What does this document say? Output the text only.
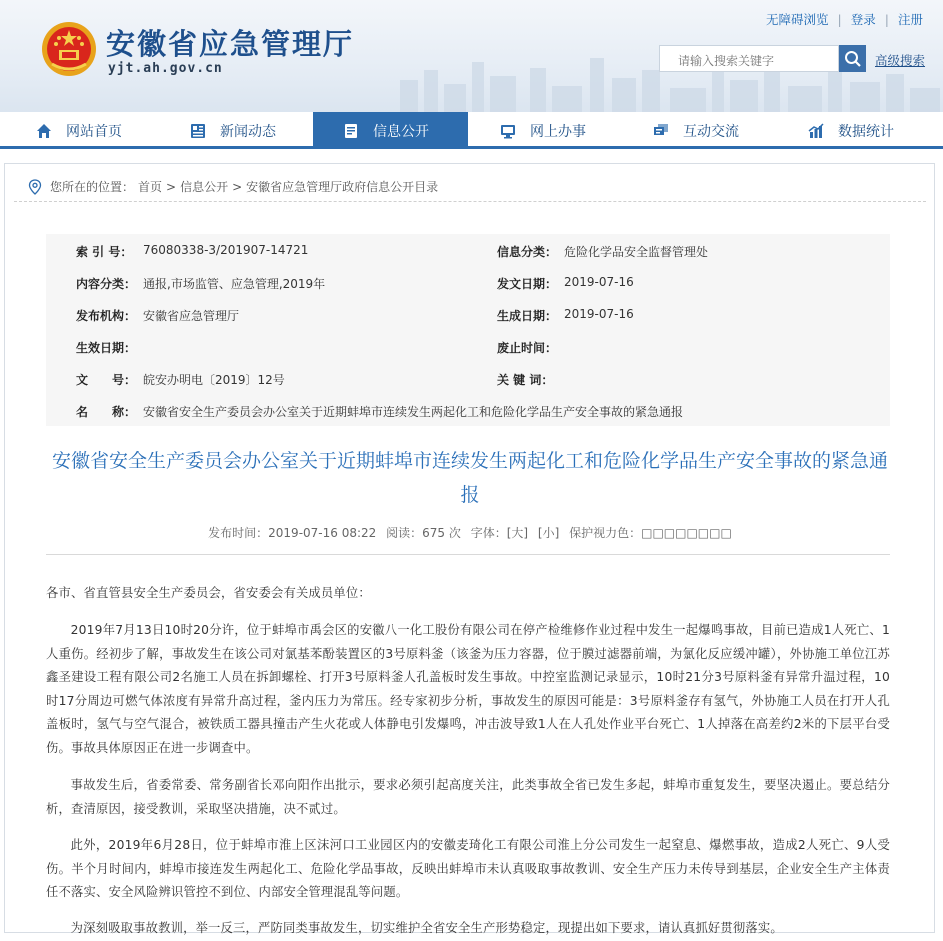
安徽省应急管理厅
yjt.ah.gov.cn
无障碍浏览 | 登录 | 注册
请输入搜索关键字	高级搜索
网站首页	新闻动态	信息公开	网上办事	互动交流	数据统计
您所在的位置： 首页 > 信息公开 > 安徽省应急管理厅政府信息公开目录
索 引 号： 76080338-3/201907-14721	信息分类： 危险化学品安全监督管理处
内容分类： 通报,市场监管、应急管理,2019年	发文日期： 2019-07-16
发布机构： 安徽省应急管理厅	生成日期： 2019-07-16
生效日期：	废止时间：
文　　号： 皖安办明电〔2019〕12号	关 键 词：
名　　称： 安徽省安全生产委员会办公室关于近期蚌埠市连续发生两起化工和危险化学品生产安全事故的紧急通报
安徽省安全生产委员会办公室关于近期蚌埠市连续发生两起化工和危险化学品生产安全事故的紧急通报
发布时间：2019-07-16 08:22 阅读：675 次 字体：[大] [小] 保护视力色：□□□□□□□□
各市、省直管县安全生产委员会，省安委会有关成员单位：
2019年7月13日10时20分许，位于蚌埠市禹会区的安徽八一化工股份有限公司在停产检维修作业过程中发生一起爆鸣事故，目前已造成1人死亡、1人重伤。经初步了解，事故发生在该公司对氯基苯酚装置区的3号原料釜（该釜为压力容器，位于膜过滤器前端，为氯化反应缓冲罐），外协施工单位江苏鑫圣建设工程有限公司2名施工人员在拆卸螺栓、打开3号原料釜人孔盖板时发生事故。中控室监测记录显示，10时21分3号原料釜有异常升温过程，10时17分周边可燃气体浓度有异常升高过程，釜内压力为常压。经专家初步分析，事故发生的原因可能是：3号原料釜存有氢气，外协施工人员在打开人孔盖板时，氢气与空气混合，被铁质工器具撞击产生火花或人体静电引发爆鸣，冲击波导致1人在人孔处作业平台死亡、1人掉落在高差约2米的下层平台受伤。事故具体原因正在进一步调查中。
事故发生后，省委常委、常务副省长邓向阳作出批示，要求必须引起高度关注，此类事故全省已发生多起，蚌埠市重复发生，要坚决遏止。要总结分析，查清原因，接受教训，采取坚决措施，决不贰过。
此外，2019年6月28日，位于蚌埠市淮上区沫河口工业园区内的安徽麦琦化工有限公司淮上分公司发生一起窒息、爆燃事故，造成2人死亡、9人受伤。半个月时间内，蚌埠市接连发生两起化工、危险化学品事故，反映出蚌埠市未认真吸取事故教训、安全生产压力未传导到基层，企业安全生产主体责任不落实、安全风险辨识管控不到位、内部安全管理混乱等问题。
为深刻吸取事故教训，举一反三，严防同类事故发生，切实维护全省安全生产形势稳定，现提出如下要求，请认真抓好贯彻落实。
